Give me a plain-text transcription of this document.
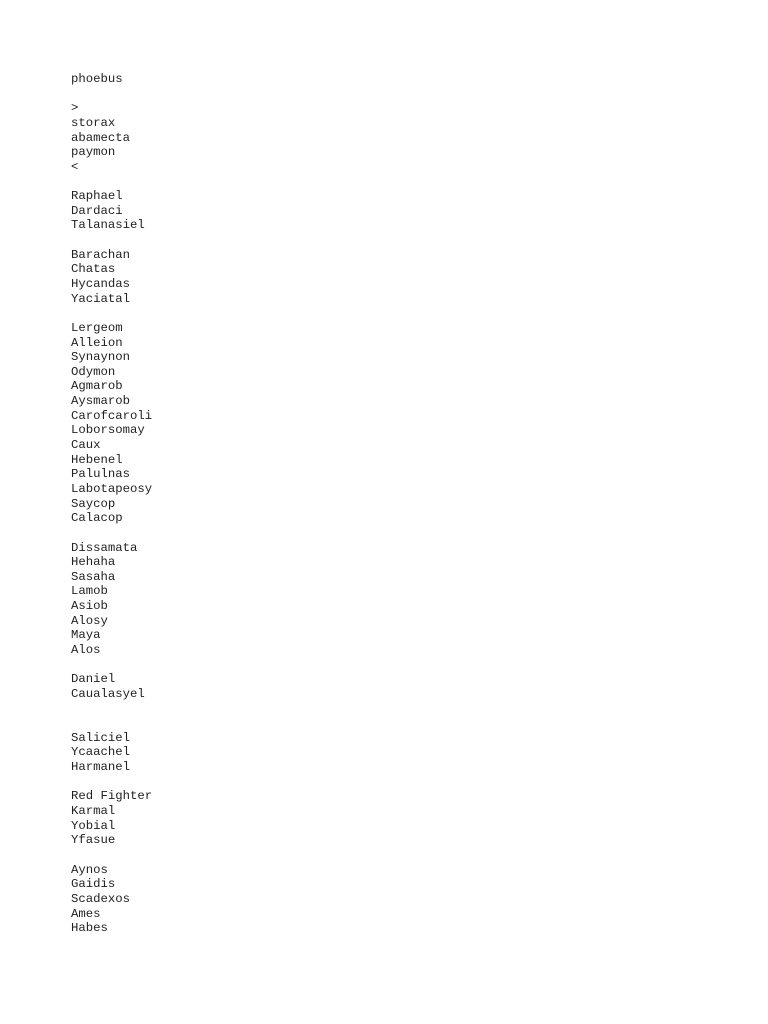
phoebus
>
storax
abamecta
paymon
<
Raphael
Dardaci
Talanasiel
Barachan
Chatas
Hycandas
Yaciatal
Lergeom
Alleion
Synaynon
Odymon
Agmarob
Aysmarob
Carofcaroli
Loborsomay
Caux
Hebenel
Palulnas
Labotapeosy
Saycop
Calacop
Dissamata
Hehaha
Sasaha
Lamob
Asiob
Alosy
Maya
Alos
Daniel
Caualasyel
Saliciel
Ycaachel
Harmanel
Red Fighter
Karmal
Yobial
Yfasue
Aynos
Gaidis
Scadexos
Ames
Habes
